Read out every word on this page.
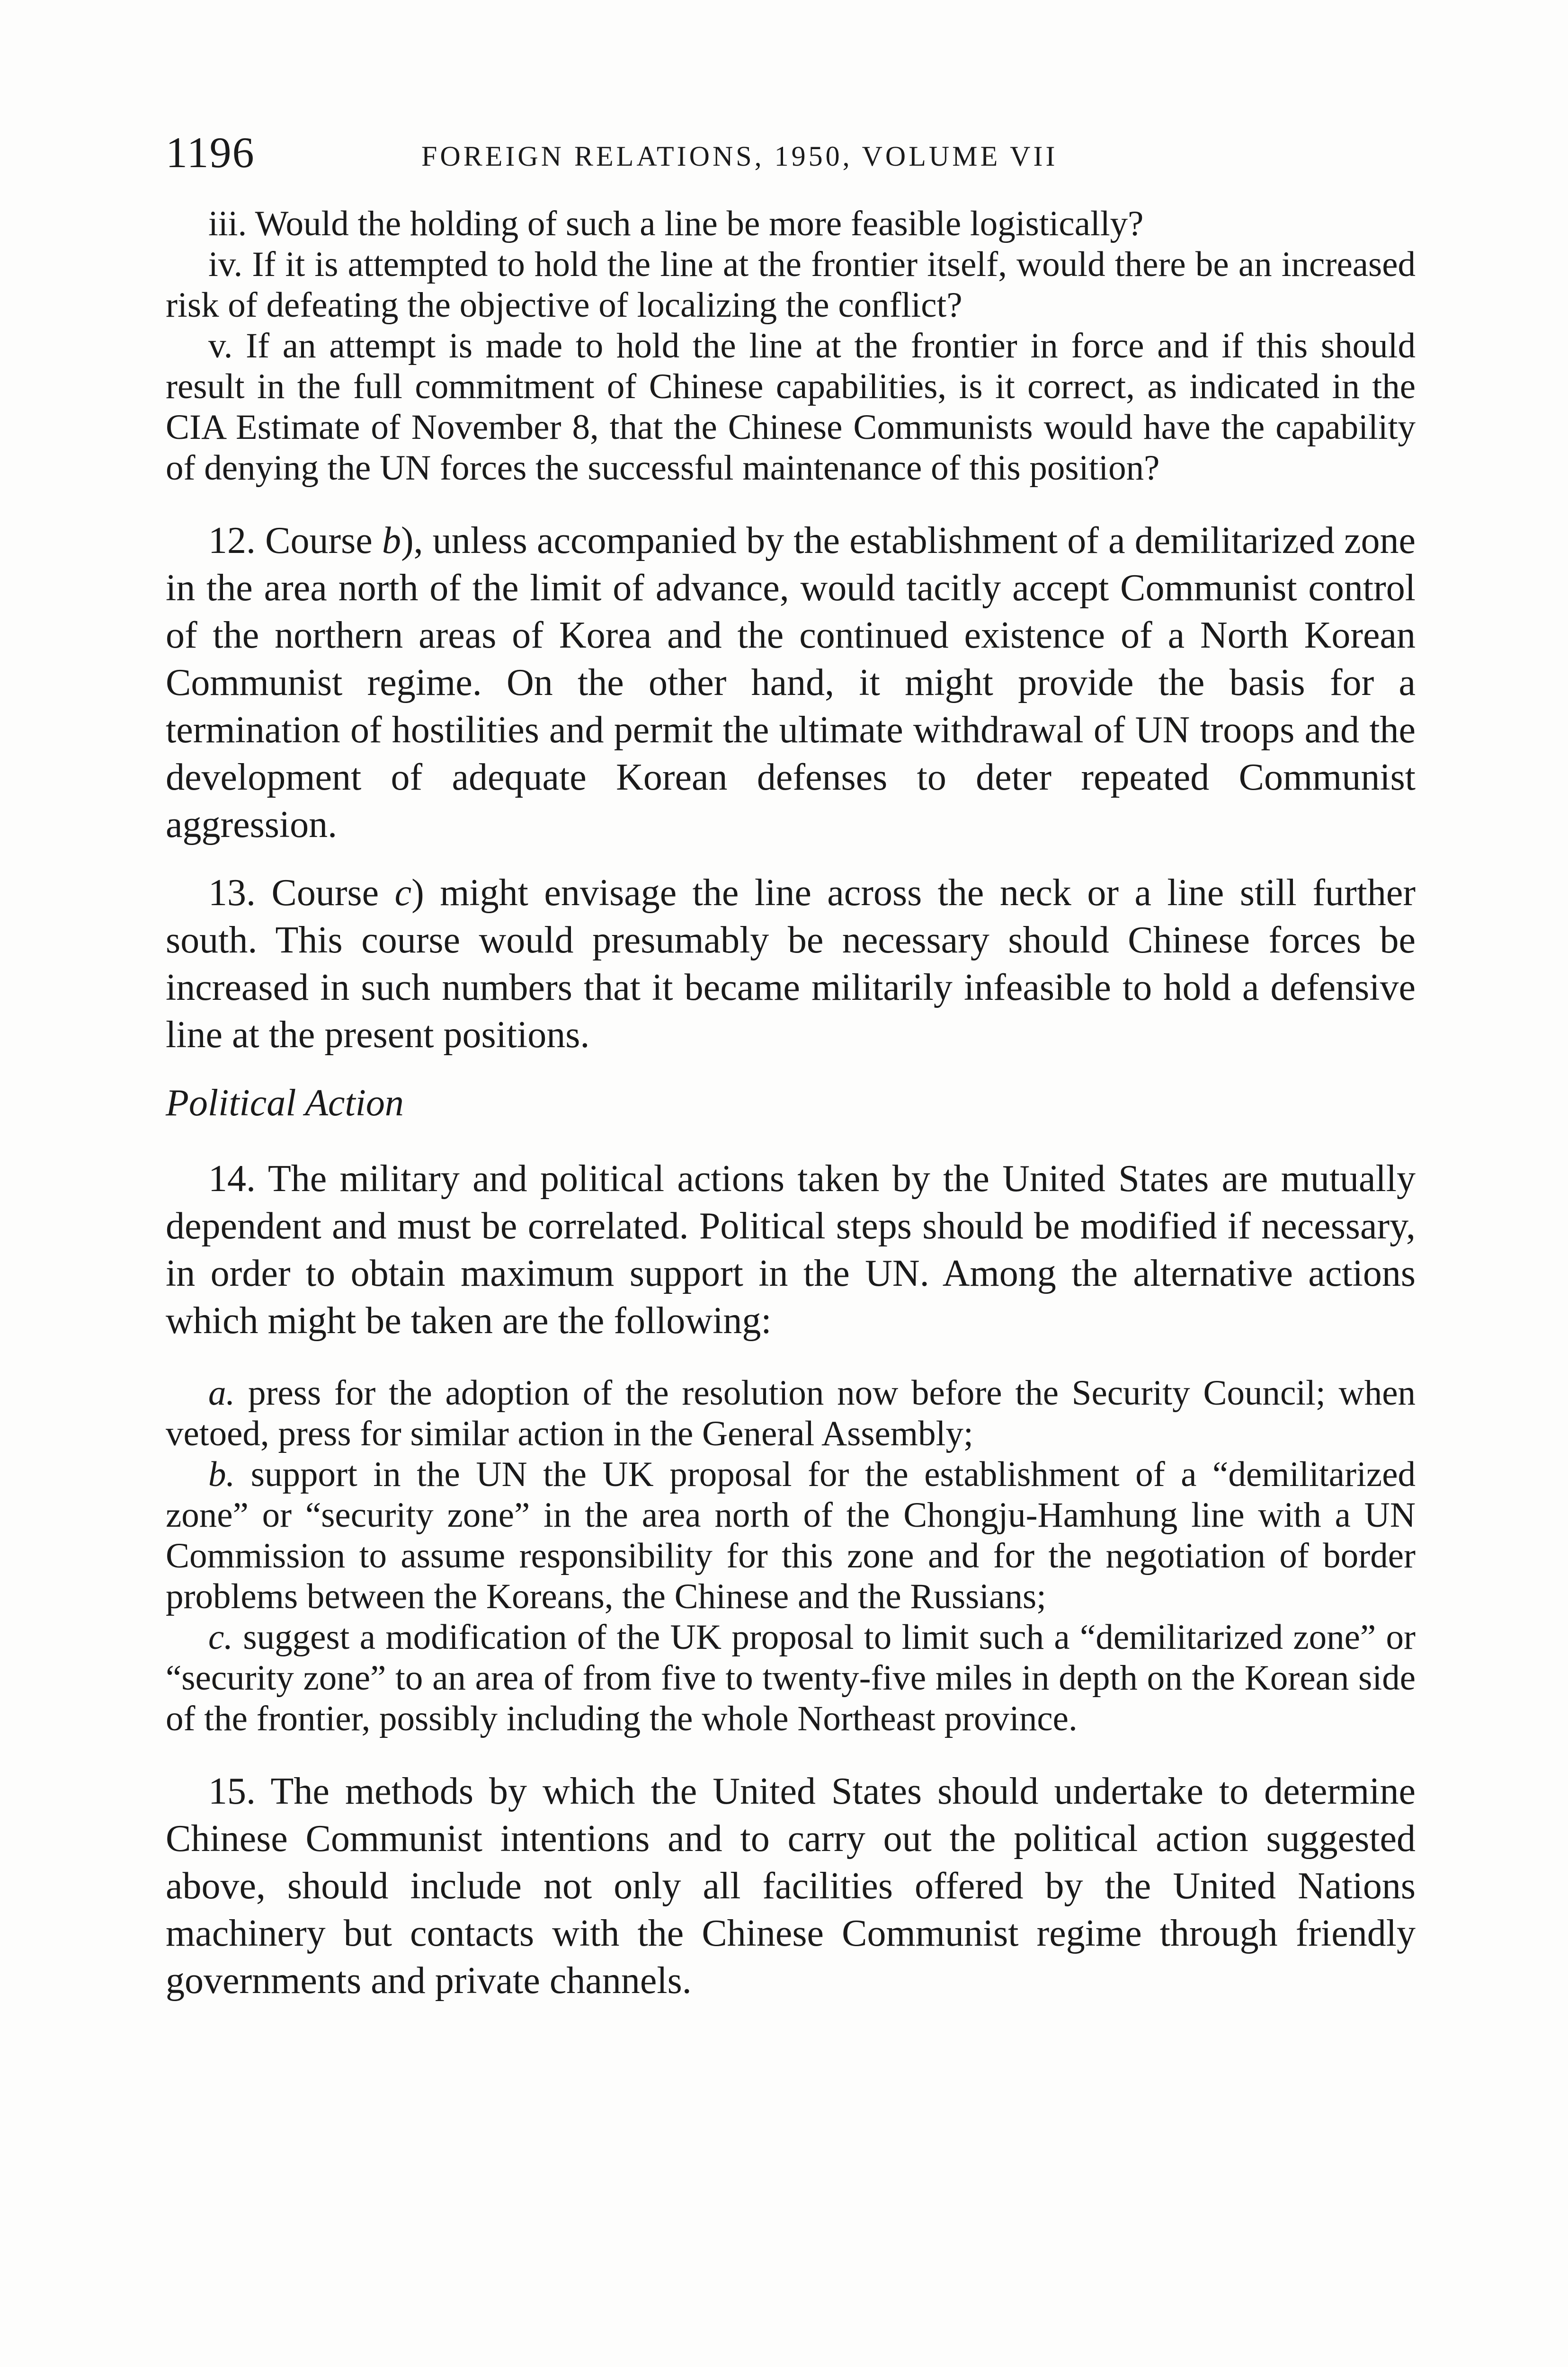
1196	FOREIGN RELATIONS, 1950, VOLUME VII

iii. Would the holding of such a line be more feasible logistically?

iv. If it is attempted to hold the line at the frontier itself, would there be an increased risk of defeating the objective of localizing the conflict?

v. If an attempt is made to hold the line at the frontier in force and if this should result in the full commitment of Chinese capabilities, is it correct, as indicated in the CIA Estimate of November 8, that the Chinese Communists would have the capability of denying the UN forces the successful maintenance of this position?

12. Course b), unless accompanied by the establishment of a demilitarized zone in the area north of the limit of advance, would tacitly accept Communist control of the northern areas of Korea and the continued existence of a North Korean Communist regime. On the other hand, it might provide the basis for a termination of hostilities and permit the ultimate withdrawal of UN troops and the development of adequate Korean defenses to deter repeated Communist aggression.

13. Course c) might envisage the line across the neck or a line still further south. This course would presumably be necessary should Chinese forces be increased in such numbers that it became militarily infeasible to hold a defensive line at the present positions.

Political Action

14. The military and political actions taken by the United States are mutually dependent and must be correlated. Political steps should be modified if necessary, in order to obtain maximum support in the UN. Among the alternative actions which might be taken are the following:

a. press for the adoption of the resolution now before the Security Council; when vetoed, press for similar action in the General Assembly;

b. support in the UN the UK proposal for the establishment of a “demilitarized zone” or “security zone” in the area north of the Chongju-Hamhung line with a UN Commission to assume responsibility for this zone and for the negotiation of border problems between the Koreans, the Chinese and the Russians;

c. suggest a modification of the UK proposal to limit such a “demilitarized zone” or “security zone” to an area of from five to twenty-five miles in depth on the Korean side of the frontier, possibly including the whole Northeast province.

15. The methods by which the United States should undertake to determine Chinese Communist intentions and to carry out the political action suggested above, should include not only all facilities offered by the United Nations machinery but contacts with the Chinese Communist regime through friendly governments and private channels.
